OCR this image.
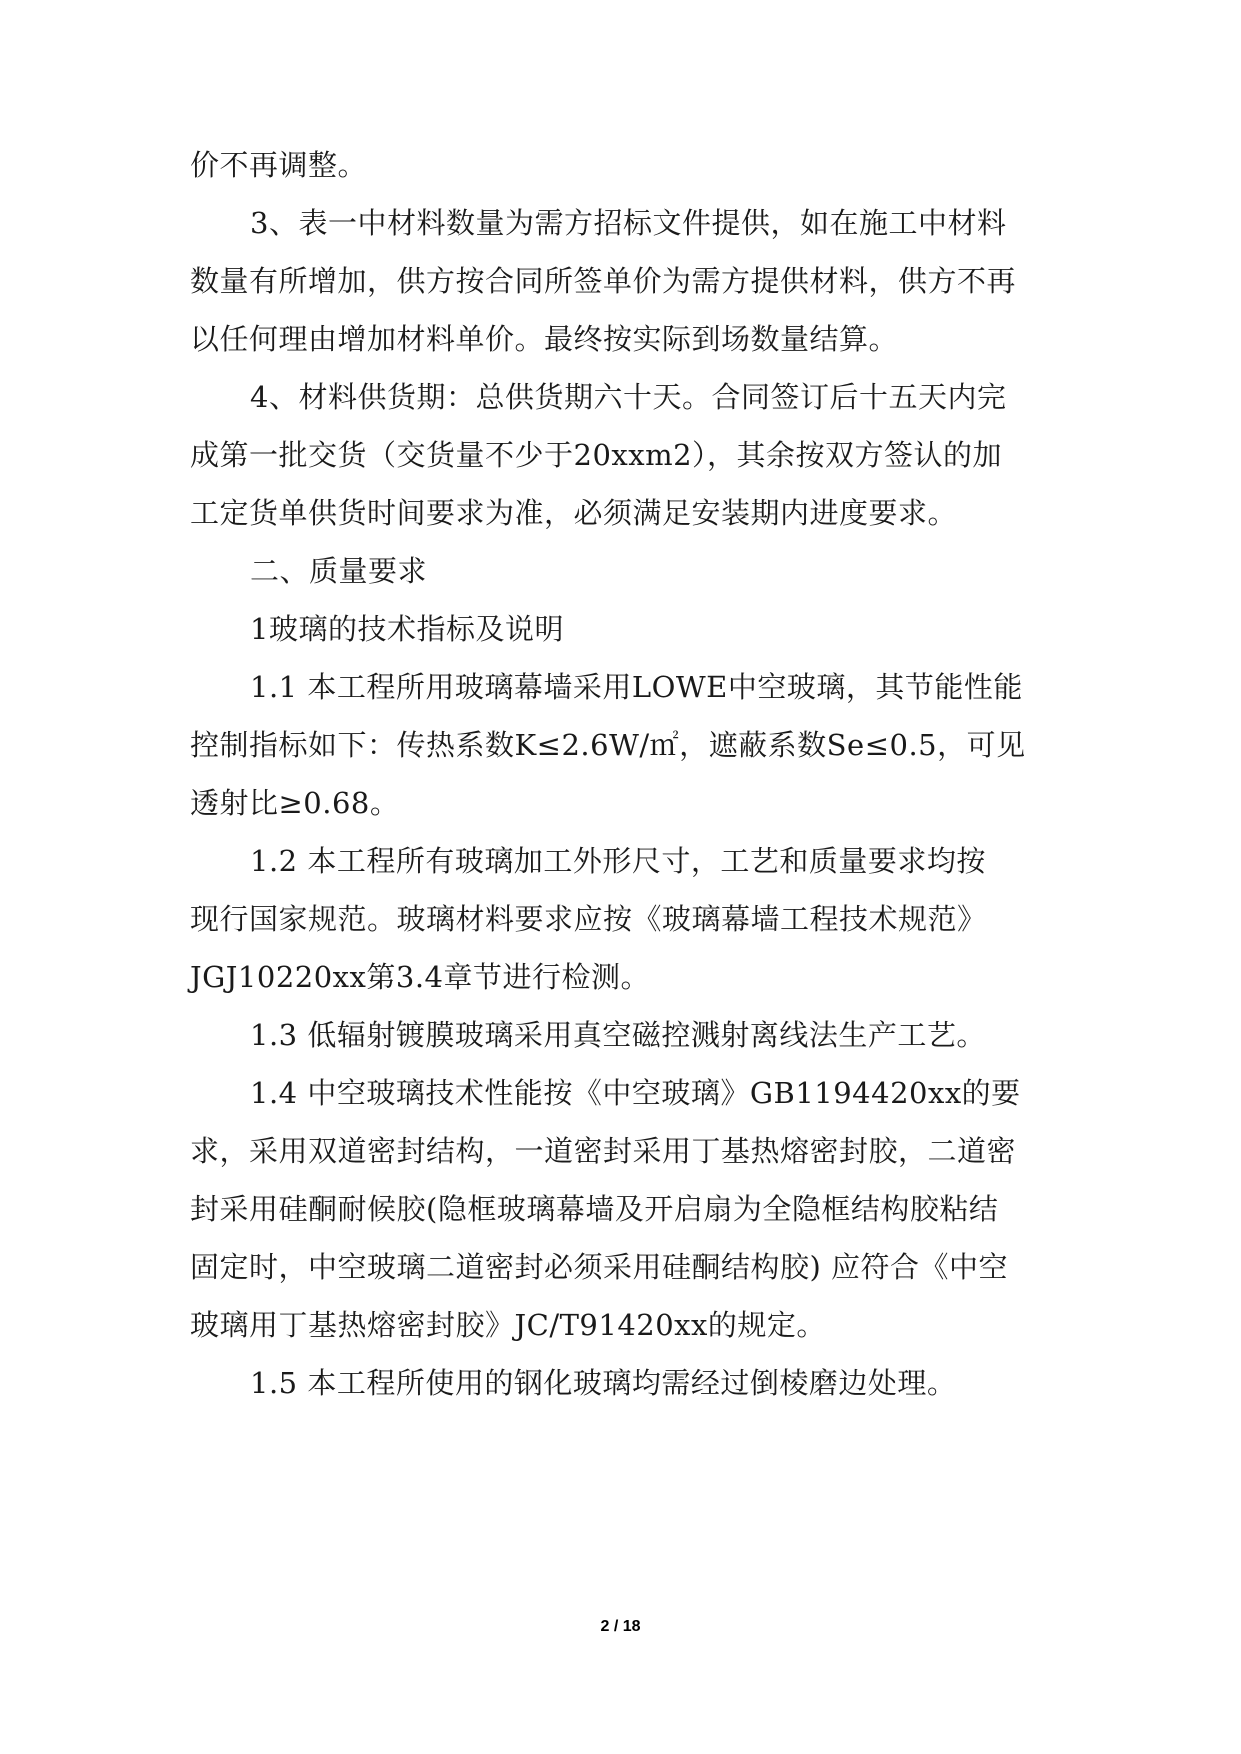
价不再调整。
3、表一中材料数量为需方招标文件提供，如在施工中材料
数量有所增加，供方按合同所签单价为需方提供材料，供方不再
以任何理由增加材料单价。最终按实际到场数量结算。
4、材料供货期：总供货期六十天。合同签订后十五天内完
成第一批交货（交货量不少于20xxm2），其余按双方签认的加
工定货单供货时间要求为准，必须满足安装期内进度要求。
二、质量要求
1玻璃的技术指标及说明
1.1 本工程所用玻璃幕墙采用LOWE中空玻璃，其节能性能
控制指标如下：传热系数K≤2.6W/㎡，遮蔽系数Se≤0.5，可见
透射比≥0.68。
1.2 本工程所有玻璃加工外形尺寸，工艺和质量要求均按
现行国家规范。玻璃材料要求应按《玻璃幕墙工程技术规范》
JGJ10220xx第3.4章节进行检测。
1.3 低辐射镀膜玻璃采用真空磁控溅射离线法生产工艺。
1.4 中空玻璃技术性能按《中空玻璃》GB1194420xx的要
求，采用双道密封结构，一道密封采用丁基热熔密封胶，二道密
封采用硅酮耐候胶(隐框玻璃幕墙及开启扇为全隐框结构胶粘结
固定时，中空玻璃二道密封必须采用硅酮结构胶) 应符合《中空
玻璃用丁基热熔密封胶》JC/T91420xx的规定。
1.5 本工程所使用的钢化玻璃均需经过倒棱磨边处理。
2 / 18
